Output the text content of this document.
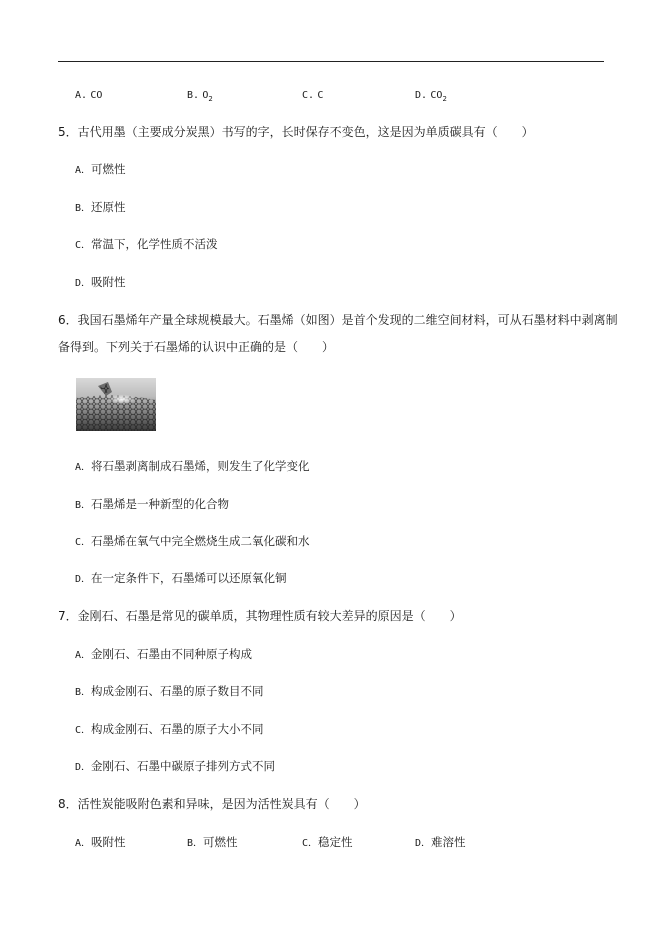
A. CO	B. $O_2$	C. C	D. $CO_2$
5．古代用墨（主要成分炭黑）书写的字，长时保存不变色，这是因为单质碳具有（　　）
A．可燃性
B．还原性
C．常温下，化学性质不活泼
D．吸附性
6．我国石墨烯年产量全球规模最大。石墨烯（如图）是首个发现的二维空间材料，可从石墨材料中剥离制
备得到。下列关于石墨烯的认识中正确的是（　　）
A．将石墨剥离制成石墨烯，则发生了化学变化
B．石墨烯是一种新型的化合物
C．石墨烯在氧气中完全燃烧生成二氧化碳和水
D．在一定条件下，石墨烯可以还原氧化铜
7．金刚石、石墨是常见的碳单质，其物理性质有较大差异的原因是（　　）
A．金刚石、石墨由不同种原子构成
B．构成金刚石、石墨的原子数目不同
C．构成金刚石、石墨的原子大小不同
D．金刚石、石墨中碳原子排列方式不同
8．活性炭能吸附色素和异味，是因为活性炭具有（　　）
A．吸附性	B．可燃性	C．稳定性	D．难溶性
